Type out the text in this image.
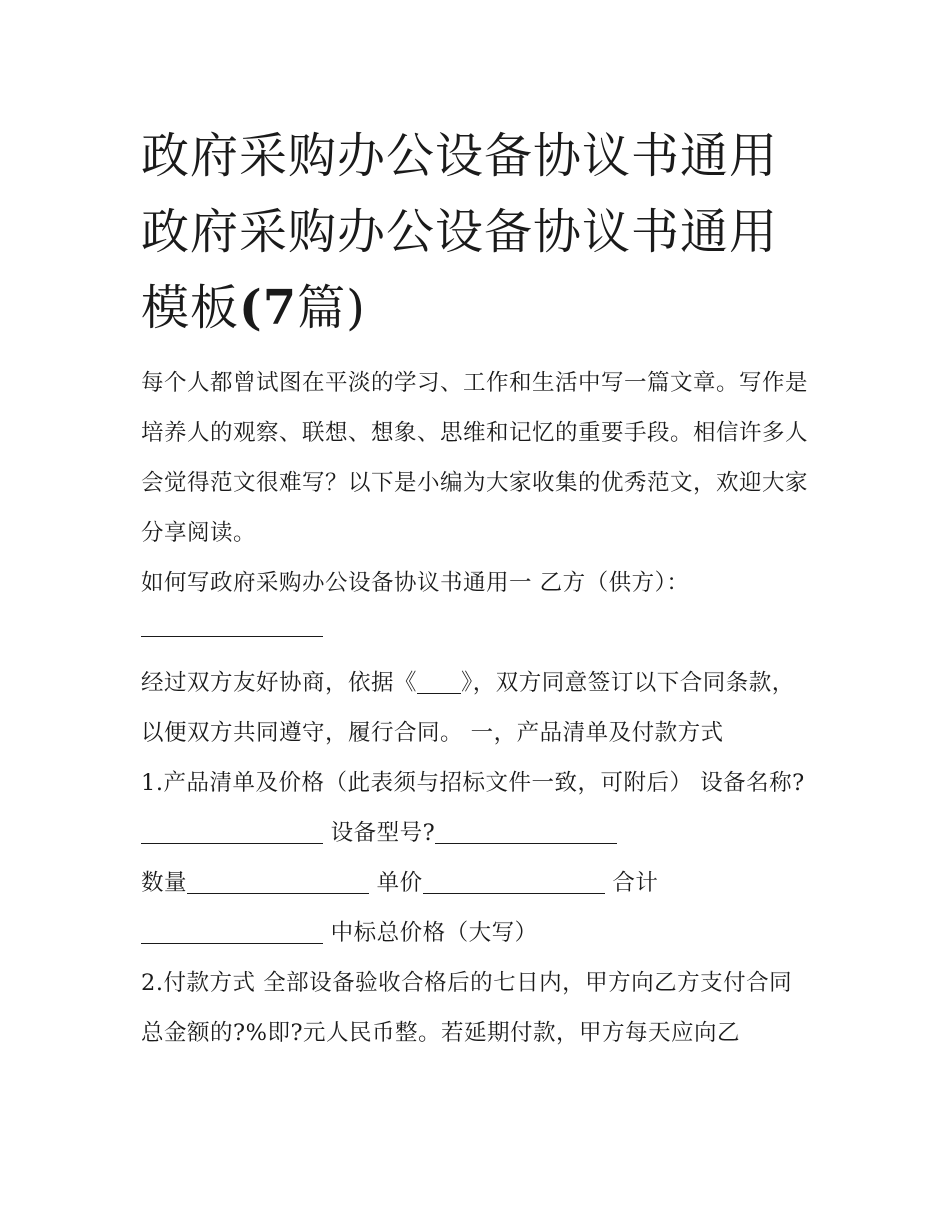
政府采购办公设备协议书通用
政府采购办公设备协议书通用
模板(7篇)

每个人都曾试图在平淡的学习、工作和生活中写一篇文章。写作是培养人的观察、联想、想象、思维和记忆的重要手段。相信许多人会觉得范文很难写？以下是小编为大家收集的优秀范文，欢迎大家分享阅读。

如何写政府采购办公设备协议书通用一 乙方（供方）：

经过双方友好协商，依据《 》，双方同意签订以下合同条款，以便双方共同遵守，履行合同。 一，产品清单及付款方式

1.产品清单及价格（此表须与招标文件一致，可附后） 设备名称? 设备型号?
数量	单价	合计
中标总价格（大写）

2.付款方式 全部设备验收合格后的七日内，甲方向乙方支付合同总金额的?%即?元人民币整。若延期付款，甲方每天应向乙
